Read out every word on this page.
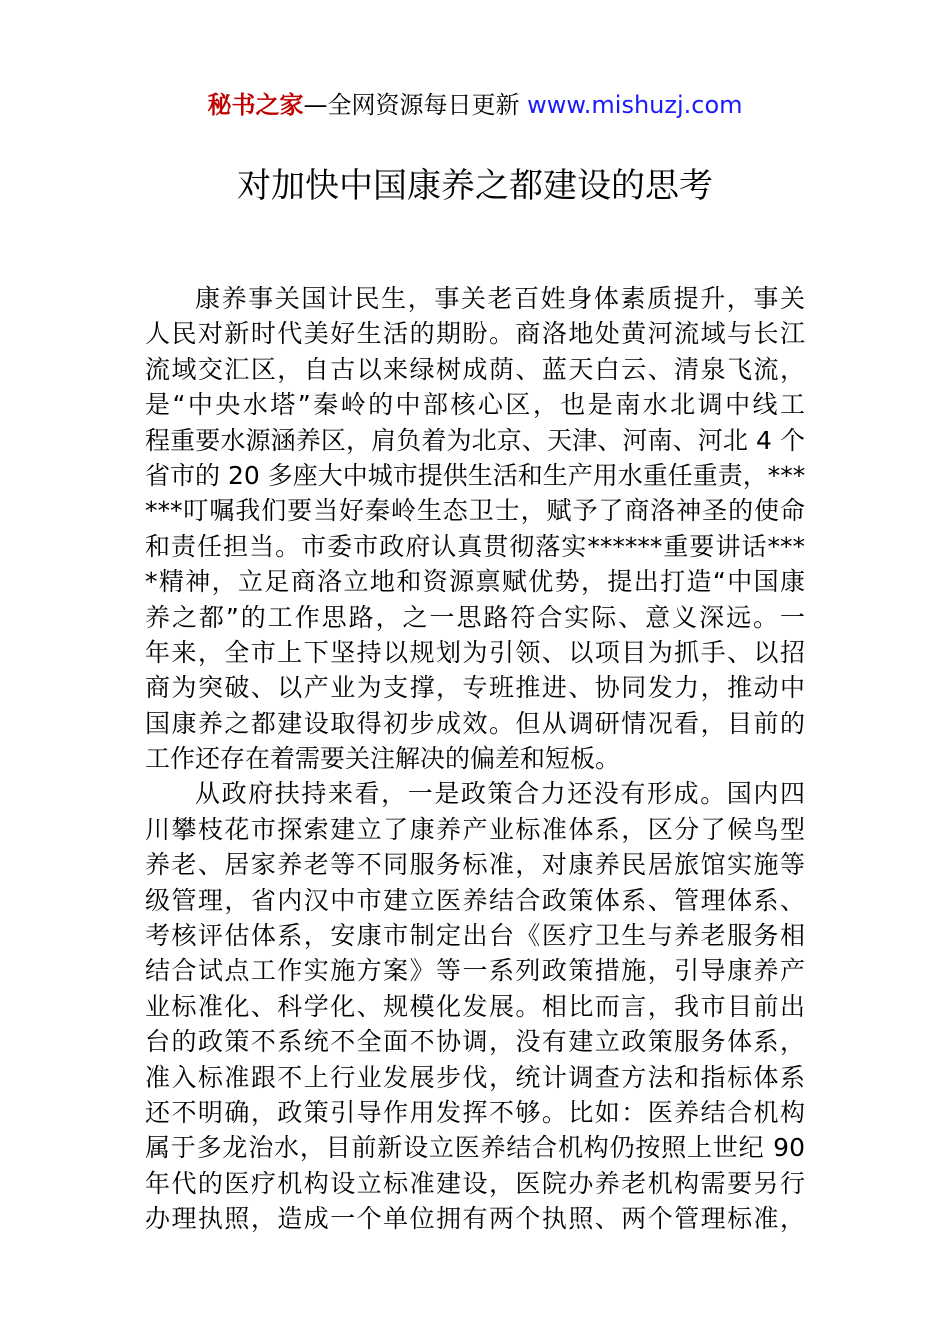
秘书之家—全网资源每日更新 www.mishuzj.com
对加快中国康养之都建设的思考
康养事关国计民生，事关老百姓身体素质提升，事关
人民对新时代美好生活的期盼。商洛地处黄河流域与长江
流域交汇区，自古以来绿树成荫、蓝天白云、清泉飞流，
是“中央水塔”秦岭的中部核心区，也是南水北调中线工
程重要水源涵养区，肩负着为北京、天津、河南、河北 4 个
省市的 20 多座大中城市提供生活和生产用水重任重责，***
***叮嘱我们要当好秦岭生态卫士，赋予了商洛神圣的使命
和责任担当。市委市政府认真贯彻落实******重要讲话***
*精神，立足商洛立地和资源禀赋优势，提出打造“中国康
养之都”的工作思路，之一思路符合实际、意义深远。一
年来，全市上下坚持以规划为引领、以项目为抓手、以招
商为突破、以产业为支撑，专班推进、协同发力，推动中
国康养之都建设取得初步成效。但从调研情况看，目前的
工作还存在着需要关注解决的偏差和短板。
从政府扶持来看，一是政策合力还没有形成。国内四
川攀枝花市探索建立了康养产业标准体系，区分了候鸟型
养老、居家养老等不同服务标准，对康养民居旅馆实施等
级管理，省内汉中市建立医养结合政策体系、管理体系、
考核评估体系，安康市制定出台《医疗卫生与养老服务相
结合试点工作实施方案》等一系列政策措施，引导康养产
业标准化、科学化、规模化发展。相比而言，我市目前出
台的政策不系统不全面不协调，没有建立政策服务体系，
准入标准跟不上行业发展步伐，统计调查方法和指标体系
还不明确，政策引导作用发挥不够。比如：医养结合机构
属于多龙治水，目前新设立医养结合机构仍按照上世纪 90
年代的医疗机构设立标准建设，医院办养老机构需要另行
办理执照，造成一个单位拥有两个执照、两个管理标准，
